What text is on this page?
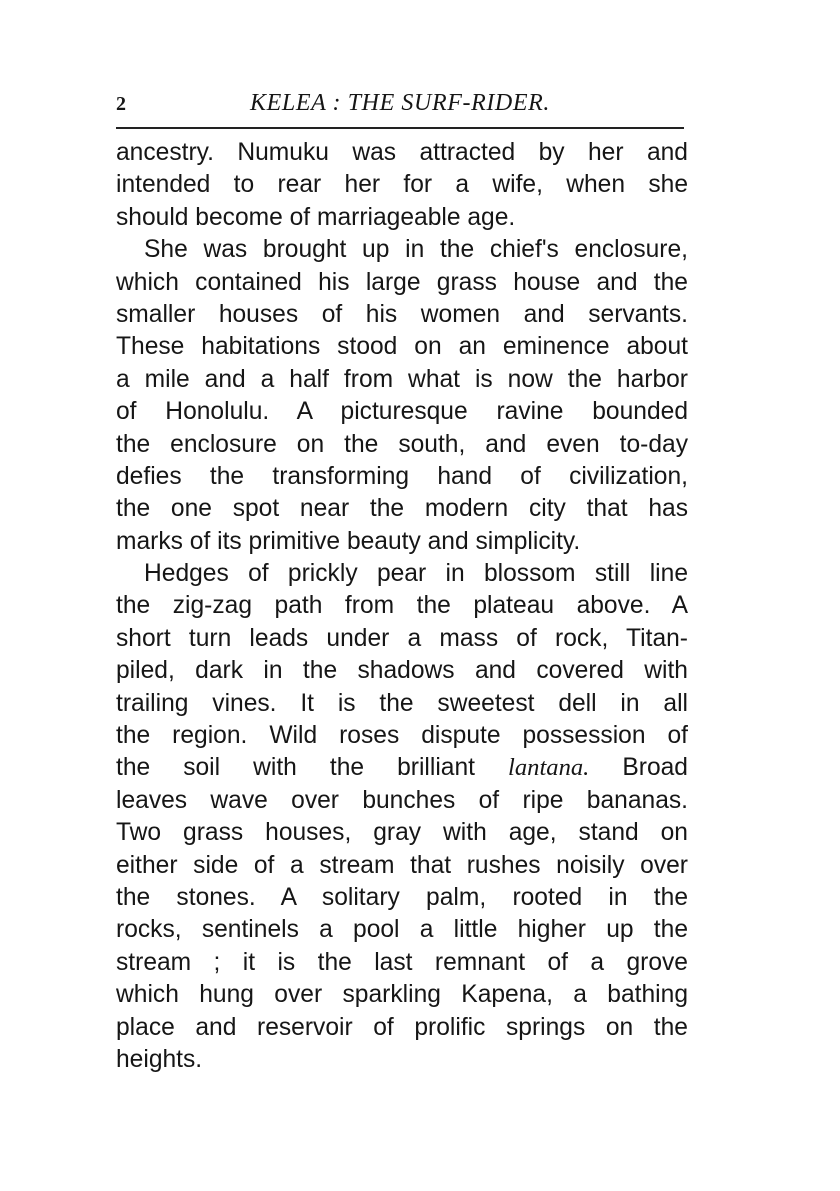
2	KELEA : THE SURF-RIDER.
ancestry. Numuku was attracted by her and
intended to rear her for a wife, when she
should become of marriageable age.
She was brought up in the chief's enclosure,
which contained his large grass house and the
smaller houses of his women and servants.
These habitations stood on an eminence about
a mile and a half from what is now the harbor
of Honolulu. A picturesque ravine bounded
the enclosure on the south, and even to-day
defies the transforming hand of civilization,
the one spot near the modern city that has
marks of its primitive beauty and simplicity.
Hedges of prickly pear in blossom still line
the zig-zag path from the plateau above. A
short turn leads under a mass of rock, Titan-
piled, dark in the shadows and covered with
trailing vines. It is the sweetest dell in all
the region. Wild roses dispute possession of
the soil with the brilliant lantana. Broad
leaves wave over bunches of ripe bananas.
Two grass houses, gray with age, stand on
either side of a stream that rushes noisily over
the stones. A solitary palm, rooted in the
rocks, sentinels a pool a little higher up the
stream ; it is the last remnant of a grove
which hung over sparkling Kapena, a bathing
place and reservoir of prolific springs on the
heights.
